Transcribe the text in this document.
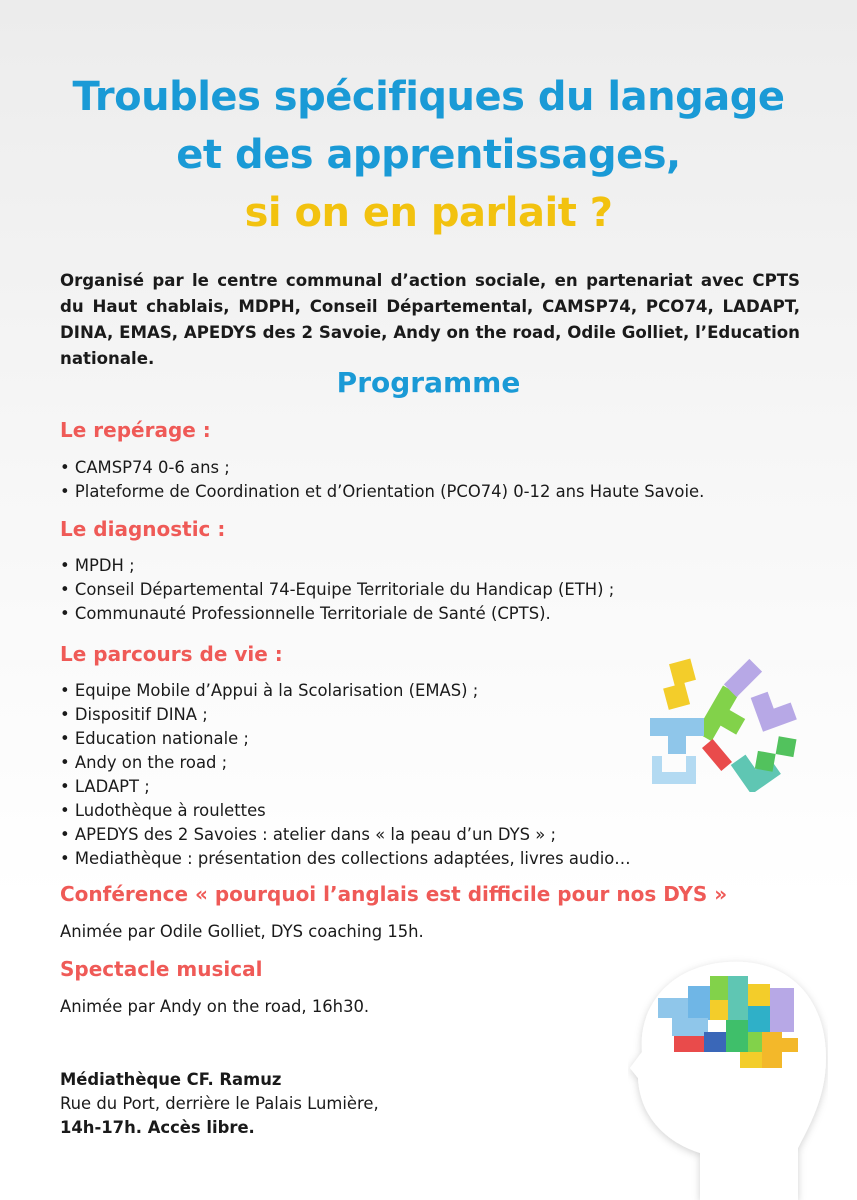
Troubles spécifiques du langage
et des apprentissages,
si on en parlait ?
Organisé par le centre communal d’action sociale, en partenariat avec CPTS du Haut chablais, MDPH, Conseil Départemental, CAMSP74, PCO74, LADAPT, DINA, EMAS, APEDYS des 2 Savoie, Andy on the road, Odile Golliet, l’Education nationale.
Programme
Le repérage :
• CAMSP74 0-6 ans ;
• Plateforme de Coordination et d’Orientation (PCO74) 0-12 ans Haute Savoie.
Le diagnostic :
• MPDH ;
• Conseil Départemental 74-Equipe Territoriale du Handicap (ETH) ;
• Communauté Professionnelle Territoriale de Santé (CPTS).
Le parcours de vie :
• Equipe Mobile d’Appui à la Scolarisation (EMAS) ;
• Dispositif DINA ;
• Education nationale ;
• Andy on the road ;
• LADAPT ;
• Ludothèque à roulettes
• APEDYS des 2 Savoies : atelier dans « la peau d’un DYS » ;
• Mediathèque : présentation des collections adaptées, livres audio…
Conférence « pourquoi l’anglais est difficile pour nos DYS »
Animée par Odile Golliet, DYS coaching 15h.
Spectacle musical
Animée par Andy on the road, 16h30.
Médiathèque CF. Ramuz
Rue du Port, derrière le Palais Lumière,
14h-17h. Accès libre.
